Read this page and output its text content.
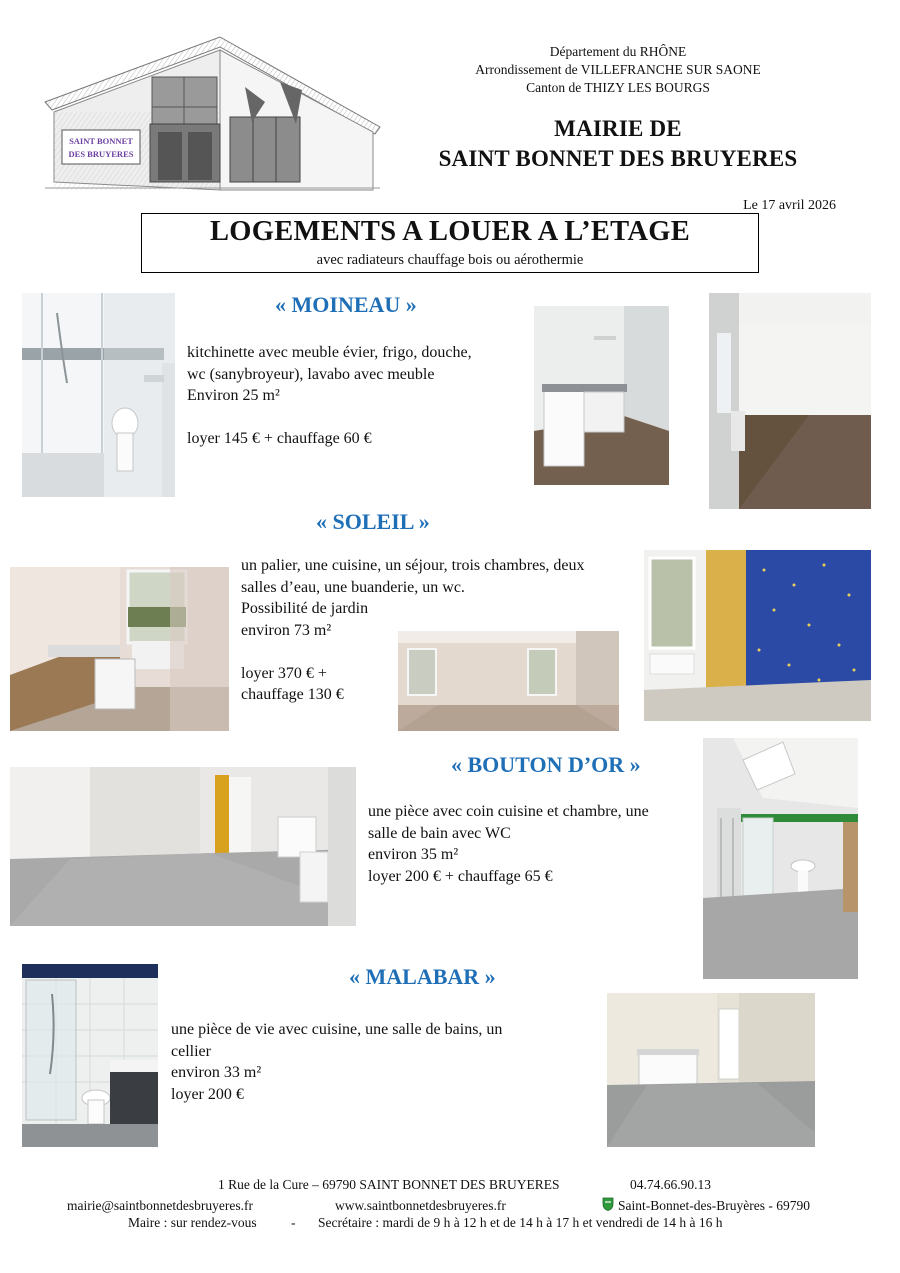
SAINT BONNET
DES BRUYERES
Département du RHÔNE
Arrondissement de VILLEFRANCHE SUR SAONE
Canton de THIZY LES BOURGS
MAIRIE DE
SAINT BONNET DES BRUYERES
Le 17 avril 2026
LOGEMENTS A LOUER A L’ETAGE
avec radiateurs chauffage bois ou aérothermie
« MOINEAU »
kitchinette avec meuble évier, frigo, douche,
wc (sanybroyeur), lavabo avec meuble
Environ 25 m²
loyer 145 € + chauffage 60 €
« SOLEIL »
un palier, une cuisine, un séjour, trois chambres, deux
salles d’eau, une buanderie, un wc.
Possibilité de jardin
environ 73 m²
loyer 370 € +
chauffage 130 €
« BOUTON D’OR »
une pièce avec coin cuisine et chambre, une
salle de bain avec WC
environ 35 m²
loyer 200 € + chauffage 65 €
« MALABAR »
une pièce de vie avec cuisine, une salle de bains, un
cellier
environ 33 m²
loyer 200 €
1 Rue de la Cure – 69790 SAINT BONNET DES BRUYERES	04.74.66.90.13
mairie@saintbonnetdesbruyeres.fr	www.saintbonnetdesbruyeres.fr	Saint-Bonnet-des-Bruyères - 69790
Maire : sur rendez-vous	- Secrétaire : mardi de 9 h à 12 h et de 14 h à 17 h et vendredi de 14 h à 16 h
